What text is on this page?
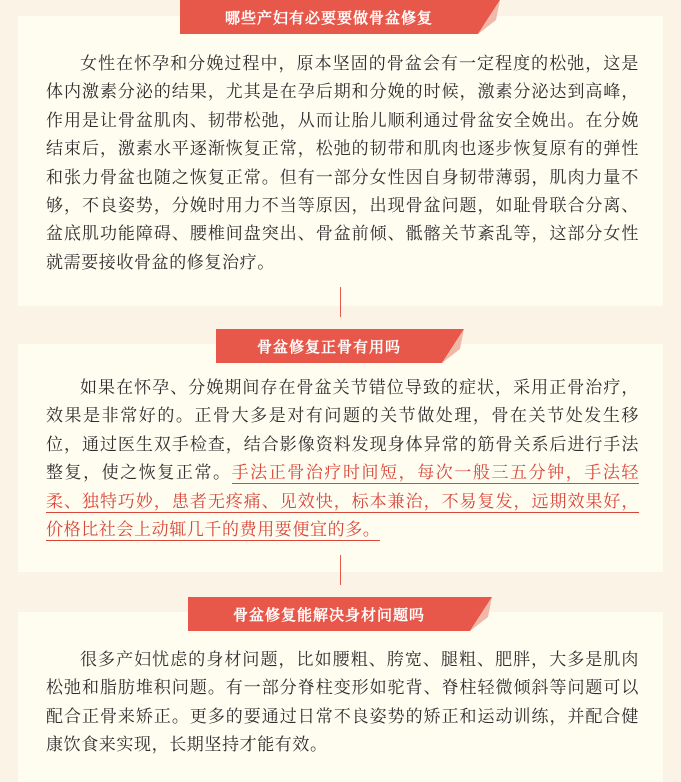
女性在怀孕和分娩过程中，原本坚固的骨盆会有一定程度的松弛，这是体内激素分泌的结果，尤其是在孕后期和分娩的时候，激素分泌达到高峰，作用是让骨盆肌肉、韧带松弛，从而让胎儿顺利通过骨盆安全娩出。在分娩结束后，激素水平逐渐恢复正常，松弛的韧带和肌肉也逐步恢复原有的弹性和张力骨盆也随之恢复正常。但有一部分女性因自身韧带薄弱，肌肉力量不够，不良姿势，分娩时用力不当等原因，出现骨盆问题，如耻骨联合分离、盆底肌功能障碍、腰椎间盘突出、骨盆前倾、骶髂关节紊乱等，这部分女性就需要接收骨盆的修复治疗。

哪些产妇有必要要做骨盆修复

如果在怀孕、分娩期间存在骨盆关节错位导致的症状，采用正骨治疗，效果是非常好的。正骨大多是对有问题的关节做处理，骨在关节处发生移位，通过医生双手检查，结合影像资料发现身体异常的筋骨关系后进行手法整复，使之恢复正常。手法正骨治疗时间短，每次一般三五分钟，手法轻柔、独特巧妙，患者无疼痛、见效快，标本兼治，不易复发，远期效果好，价格比社会上动辄几千的费用要便宜的多。

骨盆修复正骨有用吗

很多产妇忧虑的身材问题，比如腰粗、胯宽、腿粗、肥胖，大多是肌肉松弛和脂肪堆积问题。有一部分脊柱变形如驼背、脊柱轻微倾斜等问题可以配合正骨来矫正。更多的要通过日常不良姿势的矫正和运动训练，并配合健康饮食来实现，长期坚持才能有效。

骨盆修复能解决身材问题吗
